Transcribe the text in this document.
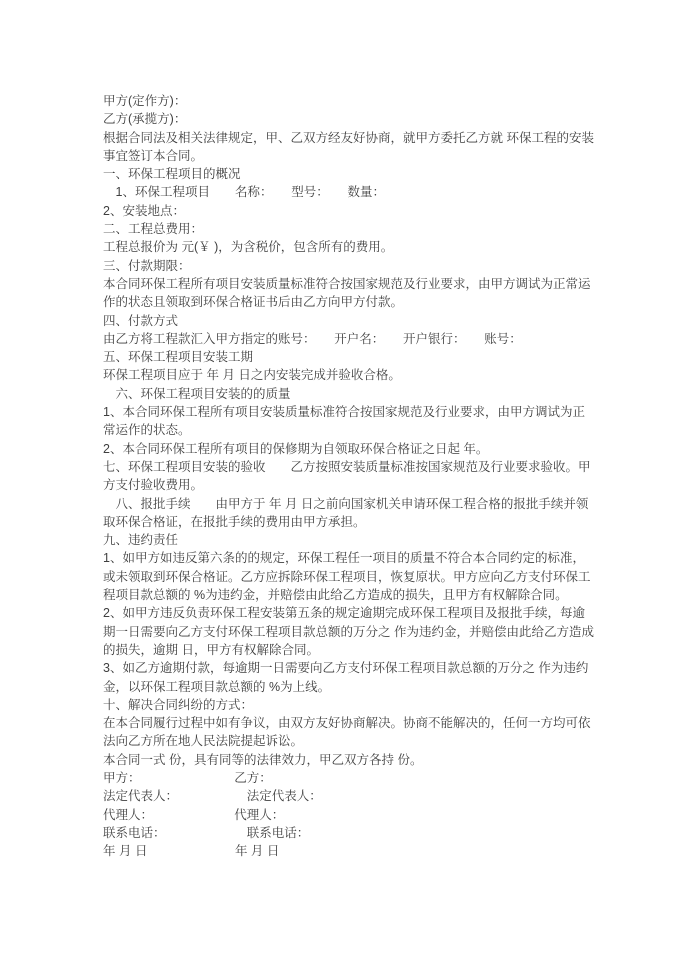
甲方(定作方)：
乙方(承揽方)：
根据合同法及相关法律规定，甲、乙双方经友好协商，就甲方委托乙方就 环保工程的安装
事宜签订本合同。
一、环保工程项目的概况
　1、环保工程项目　　名称：　　型号：　　数量：
2、安装地点：
二、工程总费用：
工程总报价为 元(￥ )，为含税价，包含所有的费用。
三、付款期限：
本合同环保工程所有项目安装质量标准符合按国家规范及行业要求，由甲方调试为正常运
作的状态且领取到环保合格证书后由乙方向甲方付款。
四、付款方式
由乙方将工程款汇入甲方指定的账号：　　开户名：　　开户银行：　　账号：
五、环保工程项目安装工期
环保工程项目应于 年 月 日之内安装完成并验收合格。
　六、环保工程项目安装的的质量
1、本合同环保工程所有项目安装质量标准符合按国家规范及行业要求，由甲方调试为正
常运作的状态。
2、本合同环保工程所有项目的保修期为自领取环保合格证之日起 年。
七、环保工程项目安装的验收　　乙方按照安装质量标准按国家规范及行业要求验收。甲
方支付验收费用。
　八、报批手续　　由甲方于 年 月 日之前向国家机关申请环保工程合格的报批手续并领
取环保合格证，在报批手续的费用由甲方承担。
九、违约责任
1、如甲方如违反第六条的的规定，环保工程任一项目的质量不符合本合同约定的标准，
或未领取到环保合格证。乙方应拆除环保工程项目，恢复原状。甲方应向乙方支付环保工
程项目款总额的 %为违约金，并赔偿由此给乙方造成的损失，且甲方有权解除合同。
2、如甲方违反负责环保工程安装第五条的规定逾期完成环保工程项目及报批手续，每逾
期一日需要向乙方支付环保工程项目款总额的万分之 作为违约金，并赔偿由此给乙方造成
的损失，逾期 日，甲方有权解除合同。
3、如乙方逾期付款，每逾期一日需要向乙方支付环保工程项目款总额的万分之 作为违约
金，以环保工程项目款总额的 %为上线。
十、解决合同纠纷的方式：
在本合同履行过程中如有争议，由双方友好协商解决。协商不能解决的，任何一方均可依
法向乙方所在地人民法院提起诉讼。
本合同一式 份，具有同等的法律效力，甲乙双方各持 份。
甲方：　　　　　　　　乙方：
法定代表人：　　　　　　法定代表人：
代理人：　　　　　　　代理人：
联系电话：　　　　　　　联系电话：
年 月 日　　　　　　　年 月 日
